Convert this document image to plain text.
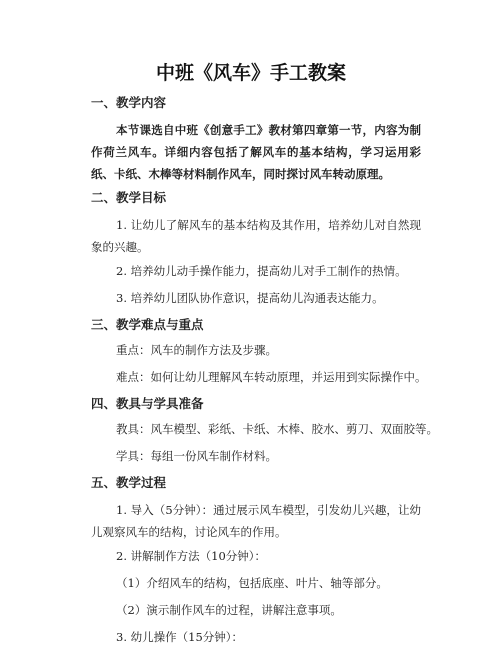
中班《风车》手工教案
一、教学内容

本节课选自中班《创意手工》教材第四章第一节，内容为制作荷兰风车。详细内容包括了解风车的基本结构，学习运用彩纸、卡纸、木棒等材料制作风车，同时探讨风车转动原理。

二、教学目标

1. 让幼儿了解风车的基本结构及其作用，培养幼儿对自然现象的兴趣。

2. 培养幼儿动手操作能力，提高幼儿对手工制作的热情。
3. 培养幼儿团队协作意识，提高幼儿沟通表达能力。
三、教学难点与重点
重点：风车的制作方法及步骤。
难点：如何让幼儿理解风车转动原理，并运用到实际操作中。
四、教具与学具准备
教具：风车模型、彩纸、卡纸、木棒、胶水、剪刀、双面胶等。
学具：每组一份风车制作材料。
五、教学过程

1. 导入（5分钟）：通过展示风车模型，引发幼儿兴趣，让幼儿观察风车的结构，讨论风车的作用。

2. 讲解制作方法（10分钟）：
（1）介绍风车的结构，包括底座、叶片、轴等部分。
（2）演示制作风车的过程，讲解注意事项。
3. 幼儿操作（15分钟）：
